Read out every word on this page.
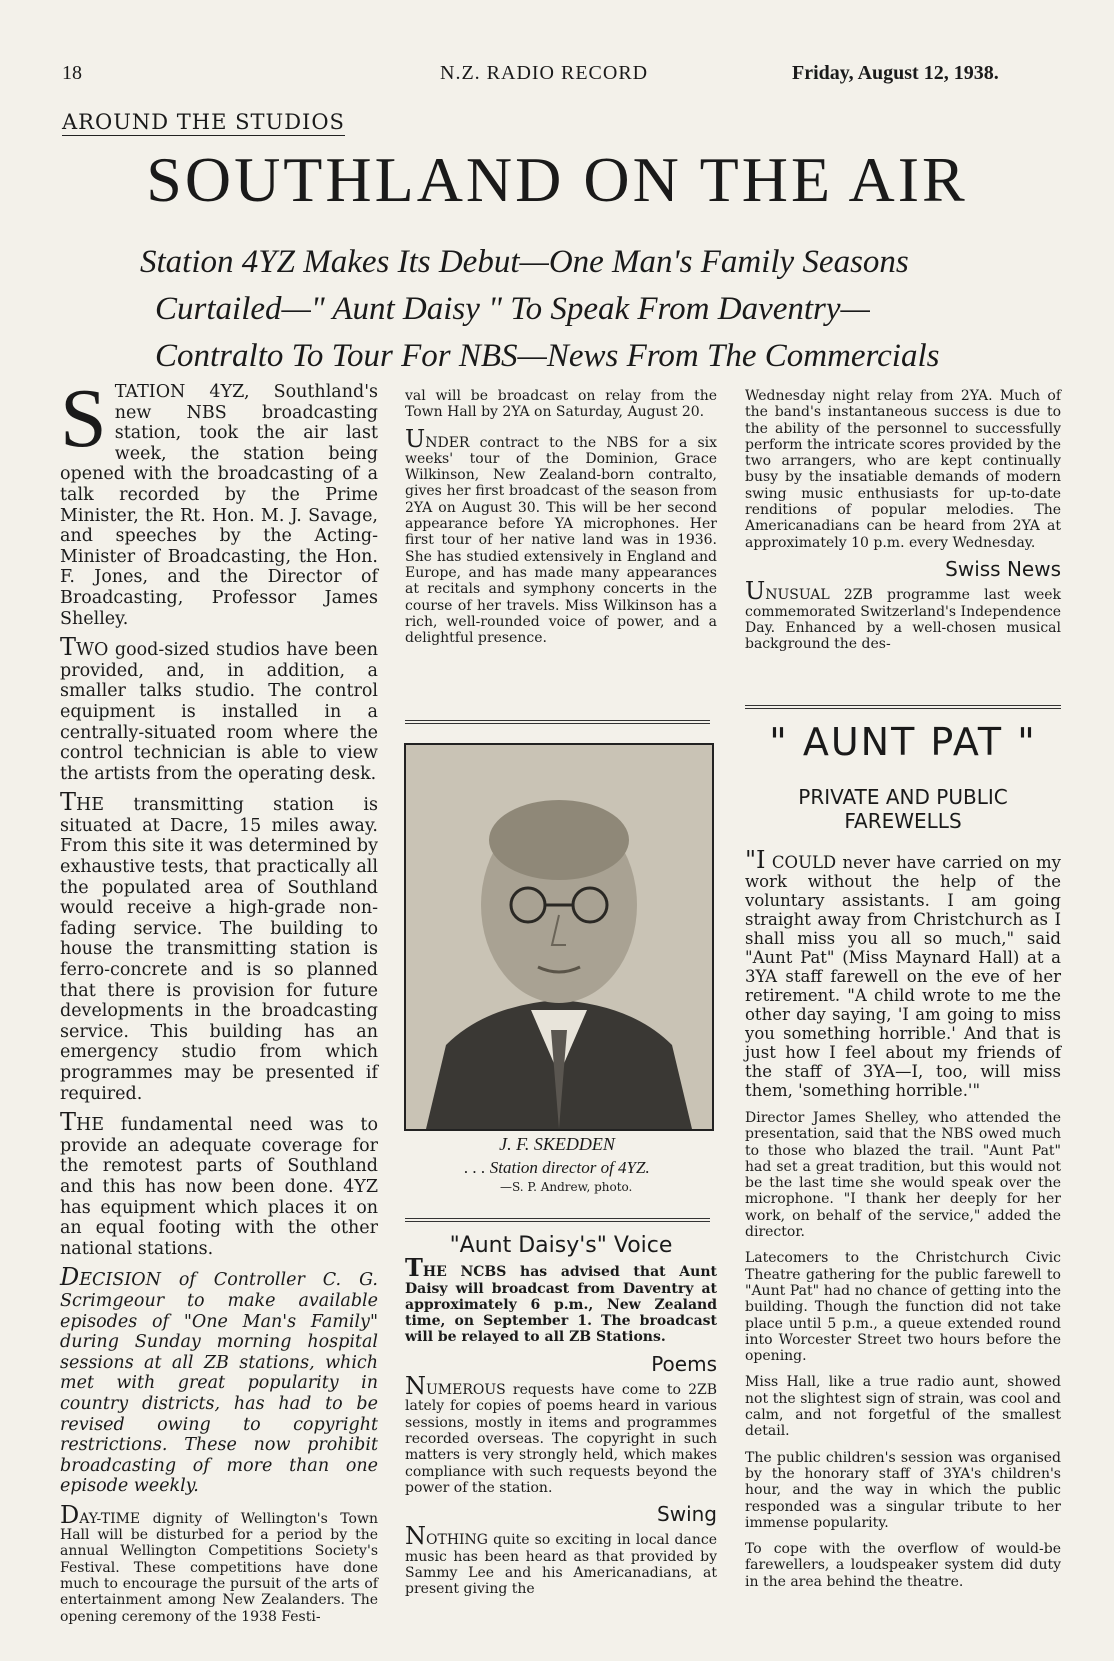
18	N.Z. RADIO RECORD	Friday, August 12, 1938.
AROUND THE STUDIOS
SOUTHLAND ON THE AIR
Station 4YZ Makes Its Debut—One Man's Family Seasons
Curtailed—" Aunt Daisy " To Speak From Daventry—
Contralto To Tour For NBS—News From The Commercials

STATION 4YZ, Southland's new NBS broadcasting station, took the air last week, the station being opened with the broadcasting of a talk recorded by the Prime Minister, the Rt. Hon. M. J. Savage, and speeches by the Acting-Minister of Broadcasting, the Hon. F. Jones, and the Director of Broadcasting, Professor James Shelley.

TWO good-sized studios have been provided, and, in addition, a smaller talks studio. The control equipment is installed in a centrally-situated room where the control technician is able to view the artists from the operating desk.

THE transmitting station is situated at Dacre, 15 miles away. From this site it was determined by exhaustive tests, that practically all the populated area of Southland would receive a high-grade non-fading service. The building to house the transmitting station is ferro-concrete and is so planned that there is provision for future developments in the broadcasting service. This building has an emergency studio from which programmes may be presented if required.

THE fundamental need was to provide an adequate coverage for the remotest parts of Southland and this has now been done. 4YZ has equipment which places it on an equal footing with the other national stations.

DECISION of Controller C. G. Scrimgeour to make available episodes of "One Man's Family" during Sunday morning hospital sessions at all ZB stations, which met with great popularity in country districts, has had to be revised owing to copyright restrictions. These now prohibit broadcasting of more than one episode weekly.

DAY-TIME dignity of Wellington's Town Hall will be disturbed for a period by the annual Wellington Competitions Society's Festival. These competitions have done much to encourage the pursuit of the arts of entertainment among New Zealanders. The opening ceremony of the 1938 Festi-

val will be broadcast on relay from the Town Hall by 2YA on Saturday, August 20.

UNDER contract to the NBS for a six weeks' tour of the Dominion, Grace Wilkinson, New Zealand-born contralto, gives her first broadcast of the season from 2YA on August 30. This will be her second appearance before YA microphones. Her first tour of her native land was in 1936. She has studied extensively in England and Europe, and has made many appearances at recitals and symphony concerts in the course of her travels. Miss Wilkinson has a rich, well-rounded voice of power, and a delightful presence.

J. F. SKEDDEN
. . . Station director of 4YZ.
—S. P. Andrew, photo.
"Aunt Daisy's" Voice

THE NCBS has advised that Aunt Daisy will broadcast from Daventry at approximately 6 p.m., New Zealand time, on September 1. The broadcast will be relayed to all ZB Stations.

Poems

NUMEROUS requests have come to 2ZB lately for copies of poems heard in various sessions, mostly in items and programmes recorded overseas. The copyright in such matters is very strongly held, which makes compliance with such requests beyond the power of the station.

Swing

NOTHING quite so exciting in local dance music has been heard as that provided by Sammy Lee and his Americanadians, at present giving the

Wednesday night relay from 2YA. Much of the band's instantaneous success is due to the ability of the personnel to successfully perform the intricate scores provided by the two arrangers, who are kept continually busy by the insatiable demands of modern swing music enthusiasts for up-to-date renditions of popular melodies. The Americanadians can be heard from 2YA at approximately 10 p.m. every Wednesday.

Swiss News

UNUSUAL 2ZB programme last week commemorated Switzerland's Independence Day. Enhanced by a well-chosen musical background the des-

" AUNT PAT "
PRIVATE AND PUBLIC FAREWELLS

"I COULD never have carried on my work without the help of the voluntary assistants. I am going straight away from Christchurch as I shall miss you all so much," said "Aunt Pat" (Miss Maynard Hall) at a 3YA staff farewell on the eve of her retirement. "A child wrote to me the other day saying, 'I am going to miss you something horrible.' And that is just how I feel about my friends of the staff of 3YA—I, too, will miss them, 'something horrible.'"

Director James Shelley, who attended the presentation, said that the NBS owed much to those who blazed the trail. "Aunt Pat" had set a great tradition, but this would not be the last time she would speak over the microphone. "I thank her deeply for her work, on behalf of the service," added the director.

Latecomers to the Christchurch Civic Theatre gathering for the public farewell to "Aunt Pat" had no chance of getting into the building. Though the function did not take place until 5 p.m., a queue extended round into Worcester Street two hours before the opening.

Miss Hall, like a true radio aunt, showed not the slightest sign of strain, was cool and calm, and not forgetful of the smallest detail.

The public children's session was organised by the honorary staff of 3YA's children's hour, and the way in which the public responded was a singular tribute to her immense popularity.

To cope with the overflow of would-be farewellers, a loudspeaker system did duty in the area behind the theatre.
